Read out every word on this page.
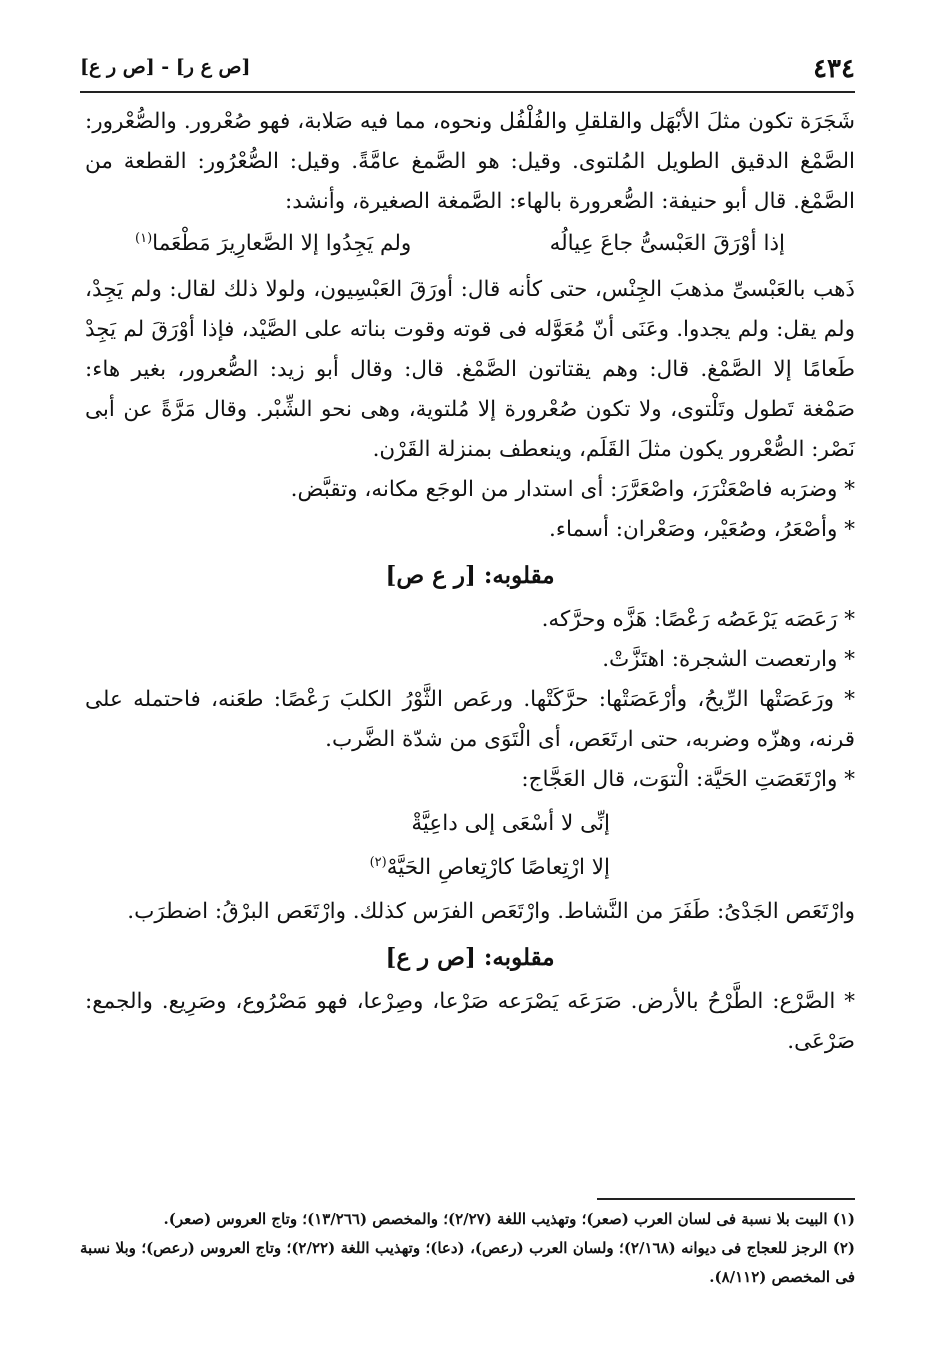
٤٣٤
[ص ع ر] - [ص ر ع]

شَجَرَة تكون مثلَ الأبْهَل والقلقلِ والفُلْفُل ونحوه، مما فيه صَلابة، فهو صُعْرور. والصُّعْرور: الصَّمْغ الدقيق الطويل المُلتوى. وقيل: هو الصَّمغ عامَّةً. وقيل: الصُّعْرُور: القطعة من الصَّمْغ. قال أبو حنيفة: الصُّعرورة بالهاء: الصَّمغة الصغيرة، وأنشد:

إذا أوْرَقَ العَبْسىُّ جاعَ عِيالُه
ولم يَجِدُوا إلا الصَّعارِيرَ مَطْعَما$^{(١)}$

ذَهب بالعَبْسىِّ مذهبَ الجِنْس، حتى كأنه قال: أورَقَ العَبْسِيون، ولولا ذلك لقال: ولم يَجِدْ، ولم يقل: ولم يجدوا. وعَنَى أنّ مُعَوَّله فى قوته وقوت بناته على الصَّيْد، فإذا أوْرَقَ لم يَجِدْ طَعامًا إلا الصَّمْغ. قال: وهم يقتاتون الصَّمْغ. قال: وقال أبو زيد: الصُّعرور، بغير هاء: صَمْغة تَطول وتَلْتوى، ولا تكون صُعْرورة إلا مُلتوية، وهى نحو الشِّبْر. وقال مَرَّةً عن أبى نَصْر: الصُّعْرور يكون مثلَ القَلَم، وينعطف بمنزلة القَرْن.

* وضرَبه فاصْعَنْرَرَ، واصْعَرَّرَ: أى استدار من الوجَع مكانه، وتقبَّض.

* وأصْعَرُ، وصُعَيْر، وصَعْران: أسماء.

مقلوبه: [ر ع ص]

* رَعَصَه يَرْعَصُه رَعْصًا: هَزَّه وحرَّكه.

* وارتعصت الشجرة: اهتَزَّتْ.

* ورَعَصَتْها الرِّيحُ، وأرْعَصَتْها: حرَّكَتْها. ورعَص الثَّوْرُ الكلبَ رَعْصًا: طعَنه، فاحتمله على قرنه، وهزّه وضربه، حتى ارتَعَص، أى الْتَوَى من شدّة الضَّرب.

* وارْتَعَصَتِ الحَيَّة: الْتوَت، قال العَجَّاج:

إنِّى لا أسْعَى إلى داعِيَّةْ
إلا ارْتِعاصًا كارْتِعاصِ الحَيَّهْ$^{(٢)}$

وارْتَعَص الجَدْىُ: طَفَرَ من النَّشاط. وارْتَعَص الفرَس كذلك. وارْتَعَص البرْقُ: اضطرَب.

مقلوبه: [ص ر ع]

* الصَّرْع: الطَّرْحُ بالأرض. صَرَعَه يَصْرَعه صَرْعا، وصِرْعا، فهو مَصْرُوع، وصَرِيع. والجمع: صَرْعَى.

(١) البيت بلا نسبة فى لسان العرب (صعر)؛ وتهذيب اللغة (٢/٢٧)؛ والمخصص (١٣/٢٦٦)؛ وتاج العروس (صعر).

(٢) الرجز للعجاج فى ديوانه (٢/١٦٨)؛ ولسان العرب (رعص)، (دعا)؛ وتهذيب اللغة (٢/٢٢)؛ وتاج العروس (رعص)؛ وبلا نسبة فى المخصص (٨/١١٢).
